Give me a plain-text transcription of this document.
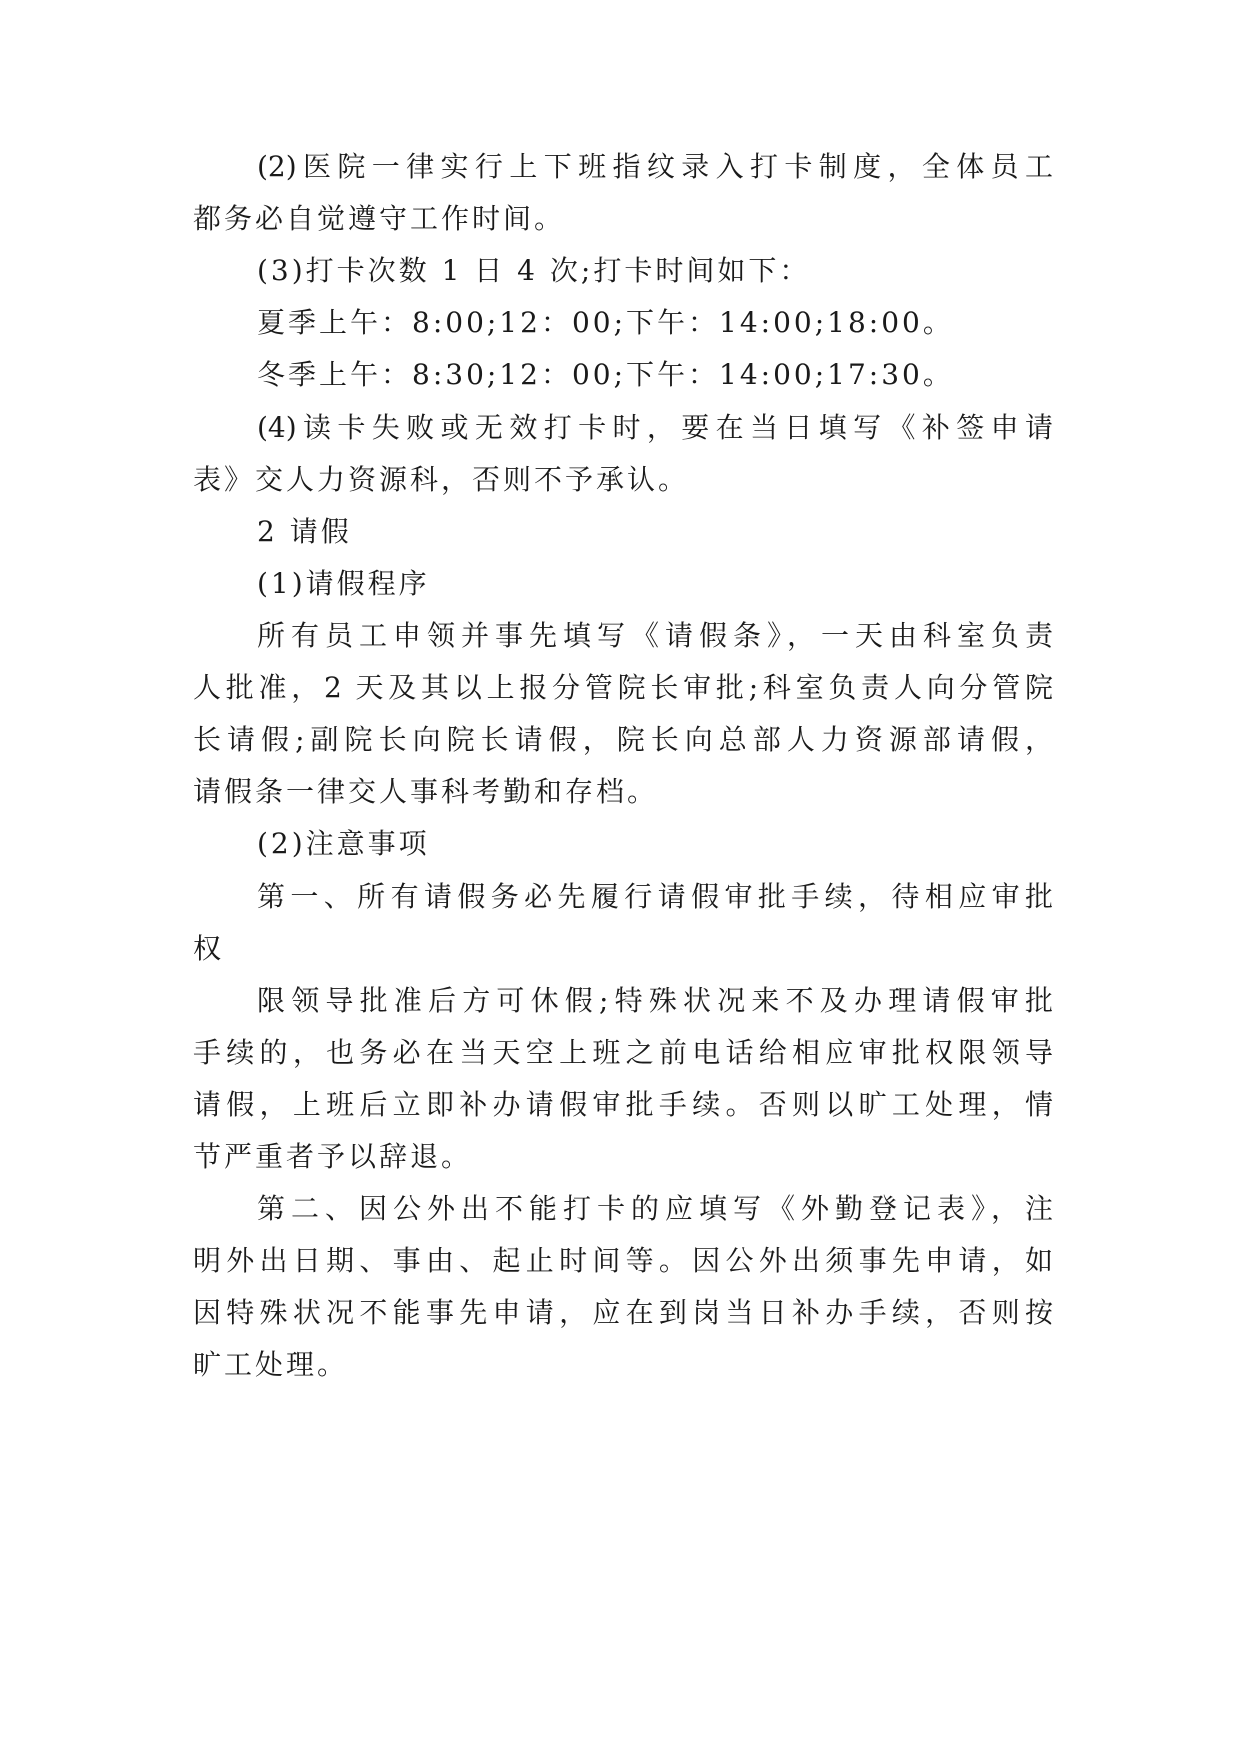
(2)医院一律实行上下班指纹录入打卡制度，全体员工
都务必自觉遵守工作时间。
(3)打卡次数 1 日 4 次;打卡时间如下：
夏季上午：8:00;12：00;下午：14:00;18:00。
冬季上午：8:30;12：00;下午：14:00;17:30。
(4)读卡失败或无效打卡时，要在当日填写《补签申请
表》交人力资源科，否则不予承认。
2 请假
(1)请假程序
所有员工申领并事先填写《请假条》，一天由科室负责
人批准，2 天及其以上报分管院长审批;科室负责人向分管院
长请假;副院长向院长请假，院长向总部人力资源部请假，
请假条一律交人事科考勤和存档。
(2)注意事项
第一、所有请假务必先履行请假审批手续，待相应审批
权
限领导批准后方可休假;特殊状况来不及办理请假审批
手续的，也务必在当天空上班之前电话给相应审批权限领导
请假，上班后立即补办请假审批手续。否则以旷工处理，情
节严重者予以辞退。
第二、因公外出不能打卡的应填写《外勤登记表》，注
明外出日期、事由、起止时间等。因公外出须事先申请，如
因特殊状况不能事先申请，应在到岗当日补办手续，否则按
旷工处理。
